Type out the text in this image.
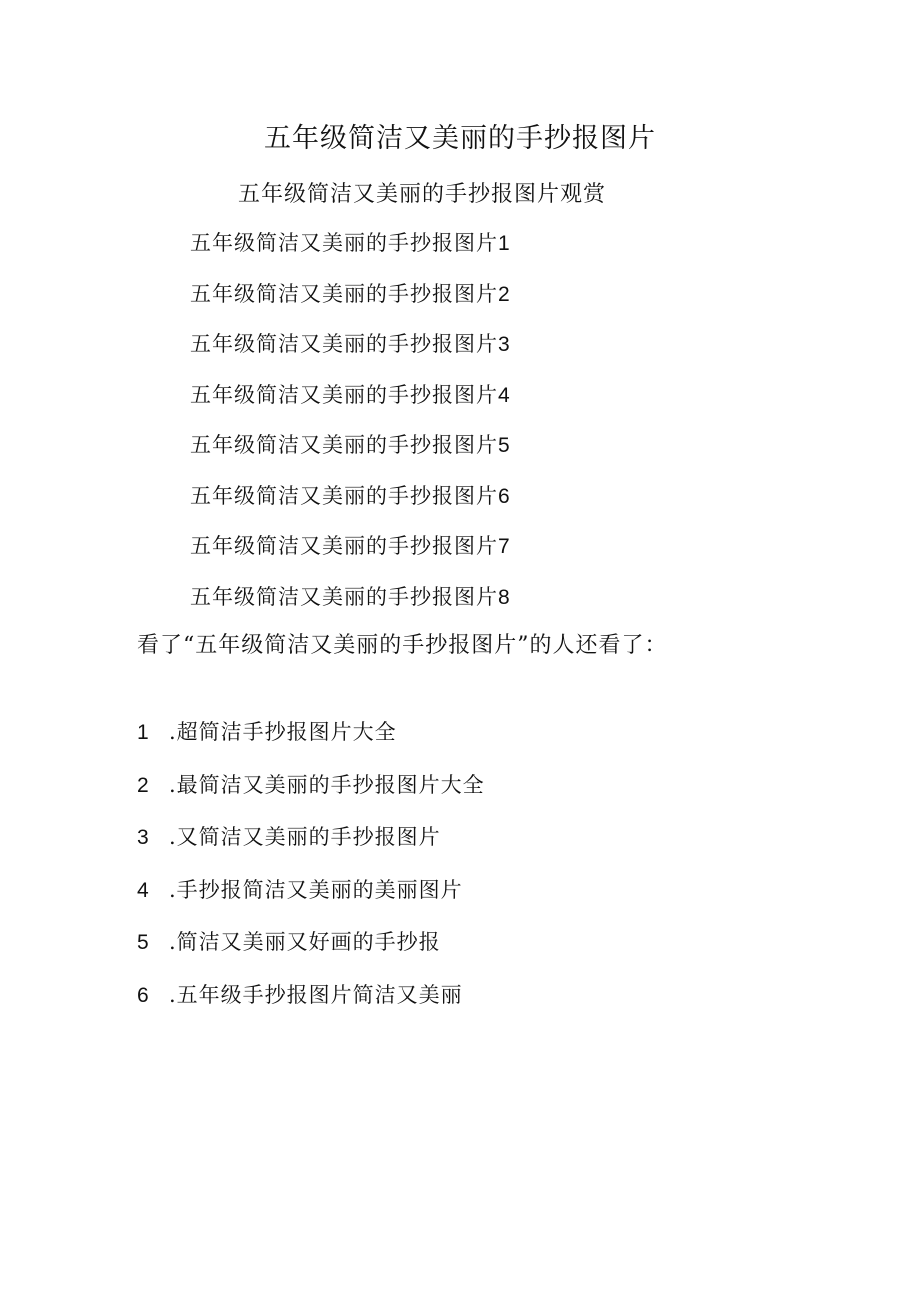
五年级简洁又美丽的手抄报图片
五年级简洁又美丽的手抄报图片观赏
五年级简洁又美丽的手抄报图片1
五年级简洁又美丽的手抄报图片2
五年级简洁又美丽的手抄报图片3
五年级简洁又美丽的手抄报图片4
五年级简洁又美丽的手抄报图片5
五年级简洁又美丽的手抄报图片6
五年级简洁又美丽的手抄报图片7
五年级简洁又美丽的手抄报图片8
看了“五年级简洁又美丽的手抄报图片”的人还看了：
1 .超简洁手抄报图片大全
2 .最简洁又美丽的手抄报图片大全
3 .又简洁又美丽的手抄报图片
4 .手抄报简洁又美丽的美丽图片
5 .简洁又美丽又好画的手抄报
6 .五年级手抄报图片简洁又美丽
